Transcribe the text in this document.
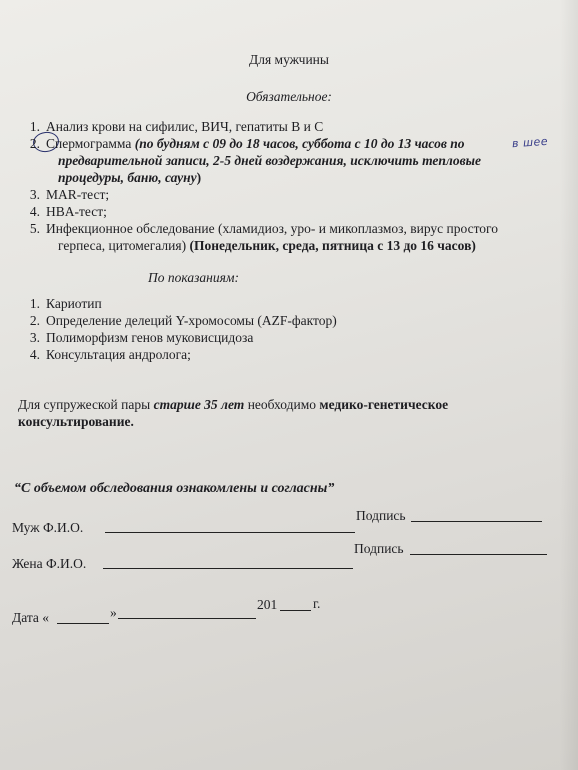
Для мужчины
Обязательное:
1. Анализ крови на сифилис, ВИЧ, гепатиты В и С
2. Спермограмма (по будням с 09 до 18 часов, суббота с 10 до 13 часов по	в шее
предварительной записи, 2-5 дней воздержания, исключить тепловые
процедуры, баню, сауну)
3. MAR-тест;
4. HBA-тест;
5. Инфекционное обследование (хламидиоз, уро- и микоплазмоз, вирус простого
герпеса, цитомегалия) (Понедельник, среда, пятница с 13 до 16 часов)
По показаниям:
1. Кариотип
2. Определение делеций Y-хромосомы (AZF-фактор)
3. Полиморфизм генов муковисцидоза
4. Консультация андролога;
Для супружеской пары старше 35 лет необходимо медико-генетическое
консультирование.
“С объемом обследования ознакомлены и согласны”
Муж Ф.И.О.
Подпись
Жена Ф.И.О.
Подпись
Дата «	»
201	г.
